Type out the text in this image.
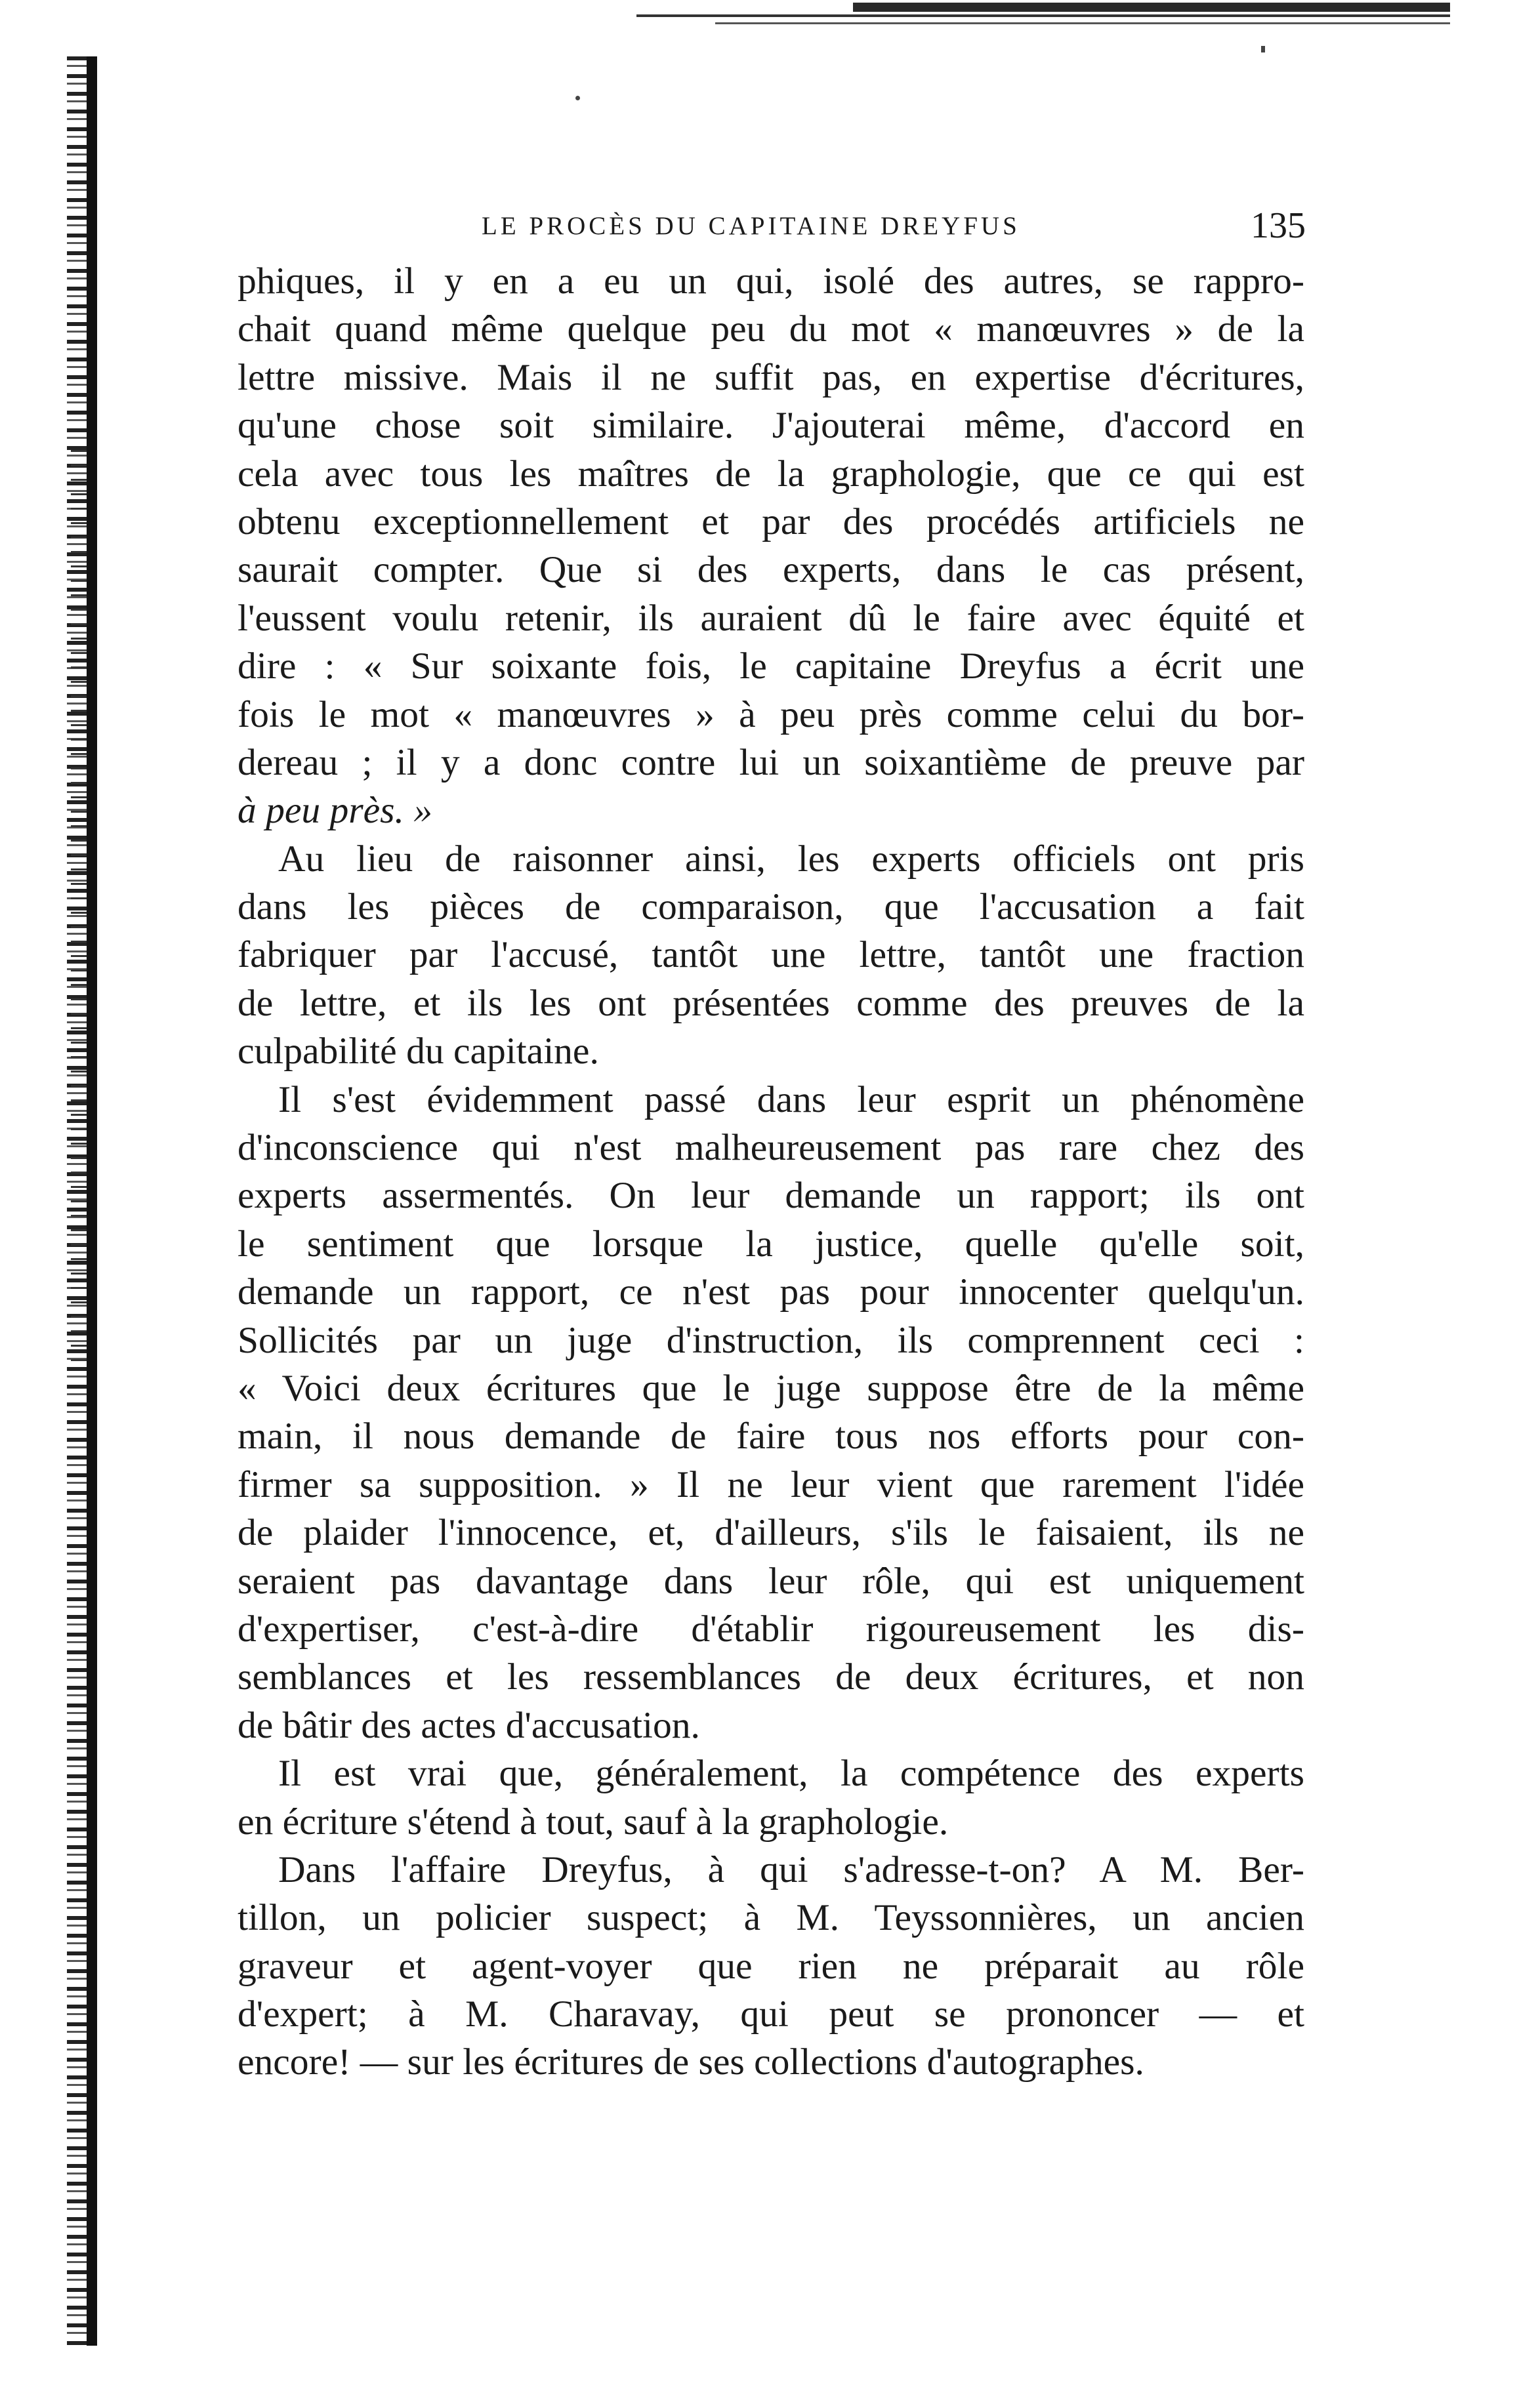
LE PROCÈS DU CAPITAINE DREYFUS	135
phiques, il y en a eu un qui, isolé des autres, se rappro-
chait quand même quelque peu du mot « manœuvres » de la
lettre missive. Mais il ne suffit pas, en expertise d'écritures,
qu'une chose soit similaire. J'ajouterai même, d'accord en
cela avec tous les maîtres de la graphologie, que ce qui est
obtenu exceptionnellement et par des procédés artificiels ne
saurait compter. Que si des experts, dans le cas présent,
l'eussent voulu retenir, ils auraient dû le faire avec équité et
dire : « Sur soixante fois, le capitaine Dreyfus a écrit une
fois le mot « manœuvres » à peu près comme celui du bor-
dereau ; il y a donc contre lui un soixantième de preuve par
à peu près. »
Au lieu de raisonner ainsi, les experts officiels ont pris
dans les pièces de comparaison, que l'accusation a fait
fabriquer par l'accusé, tantôt une lettre, tantôt une fraction
de lettre, et ils les ont présentées comme des preuves de la
culpabilité du capitaine.
Il s'est évidemment passé dans leur esprit un phénomène
d'inconscience qui n'est malheureusement pas rare chez des
experts assermentés. On leur demande un rapport; ils ont
le sentiment que lorsque la justice, quelle qu'elle soit,
demande un rapport, ce n'est pas pour innocenter quelqu'un.
Sollicités par un juge d'instruction, ils comprennent ceci :
« Voici deux écritures que le juge suppose être de la même
main, il nous demande de faire tous nos efforts pour con-
firmer sa supposition. » Il ne leur vient que rarement l'idée
de plaider l'innocence, et, d'ailleurs, s'ils le faisaient, ils ne
seraient pas davantage dans leur rôle, qui est uniquement
d'expertiser, c'est-à-dire d'établir rigoureusement les dis-
semblances et les ressemblances de deux écritures, et non
de bâtir des actes d'accusation.
Il est vrai que, généralement, la compétence des experts
en écriture s'étend à tout, sauf à la graphologie.
Dans l'affaire Dreyfus, à qui s'adresse-t-on? A M. Ber-
tillon, un policier suspect; à M. Teyssonnières, un ancien
graveur et agent-voyer que rien ne préparait au rôle
d'expert; à M. Charavay, qui peut se prononcer — et
encore! — sur les écritures de ses collections d'autographes.
